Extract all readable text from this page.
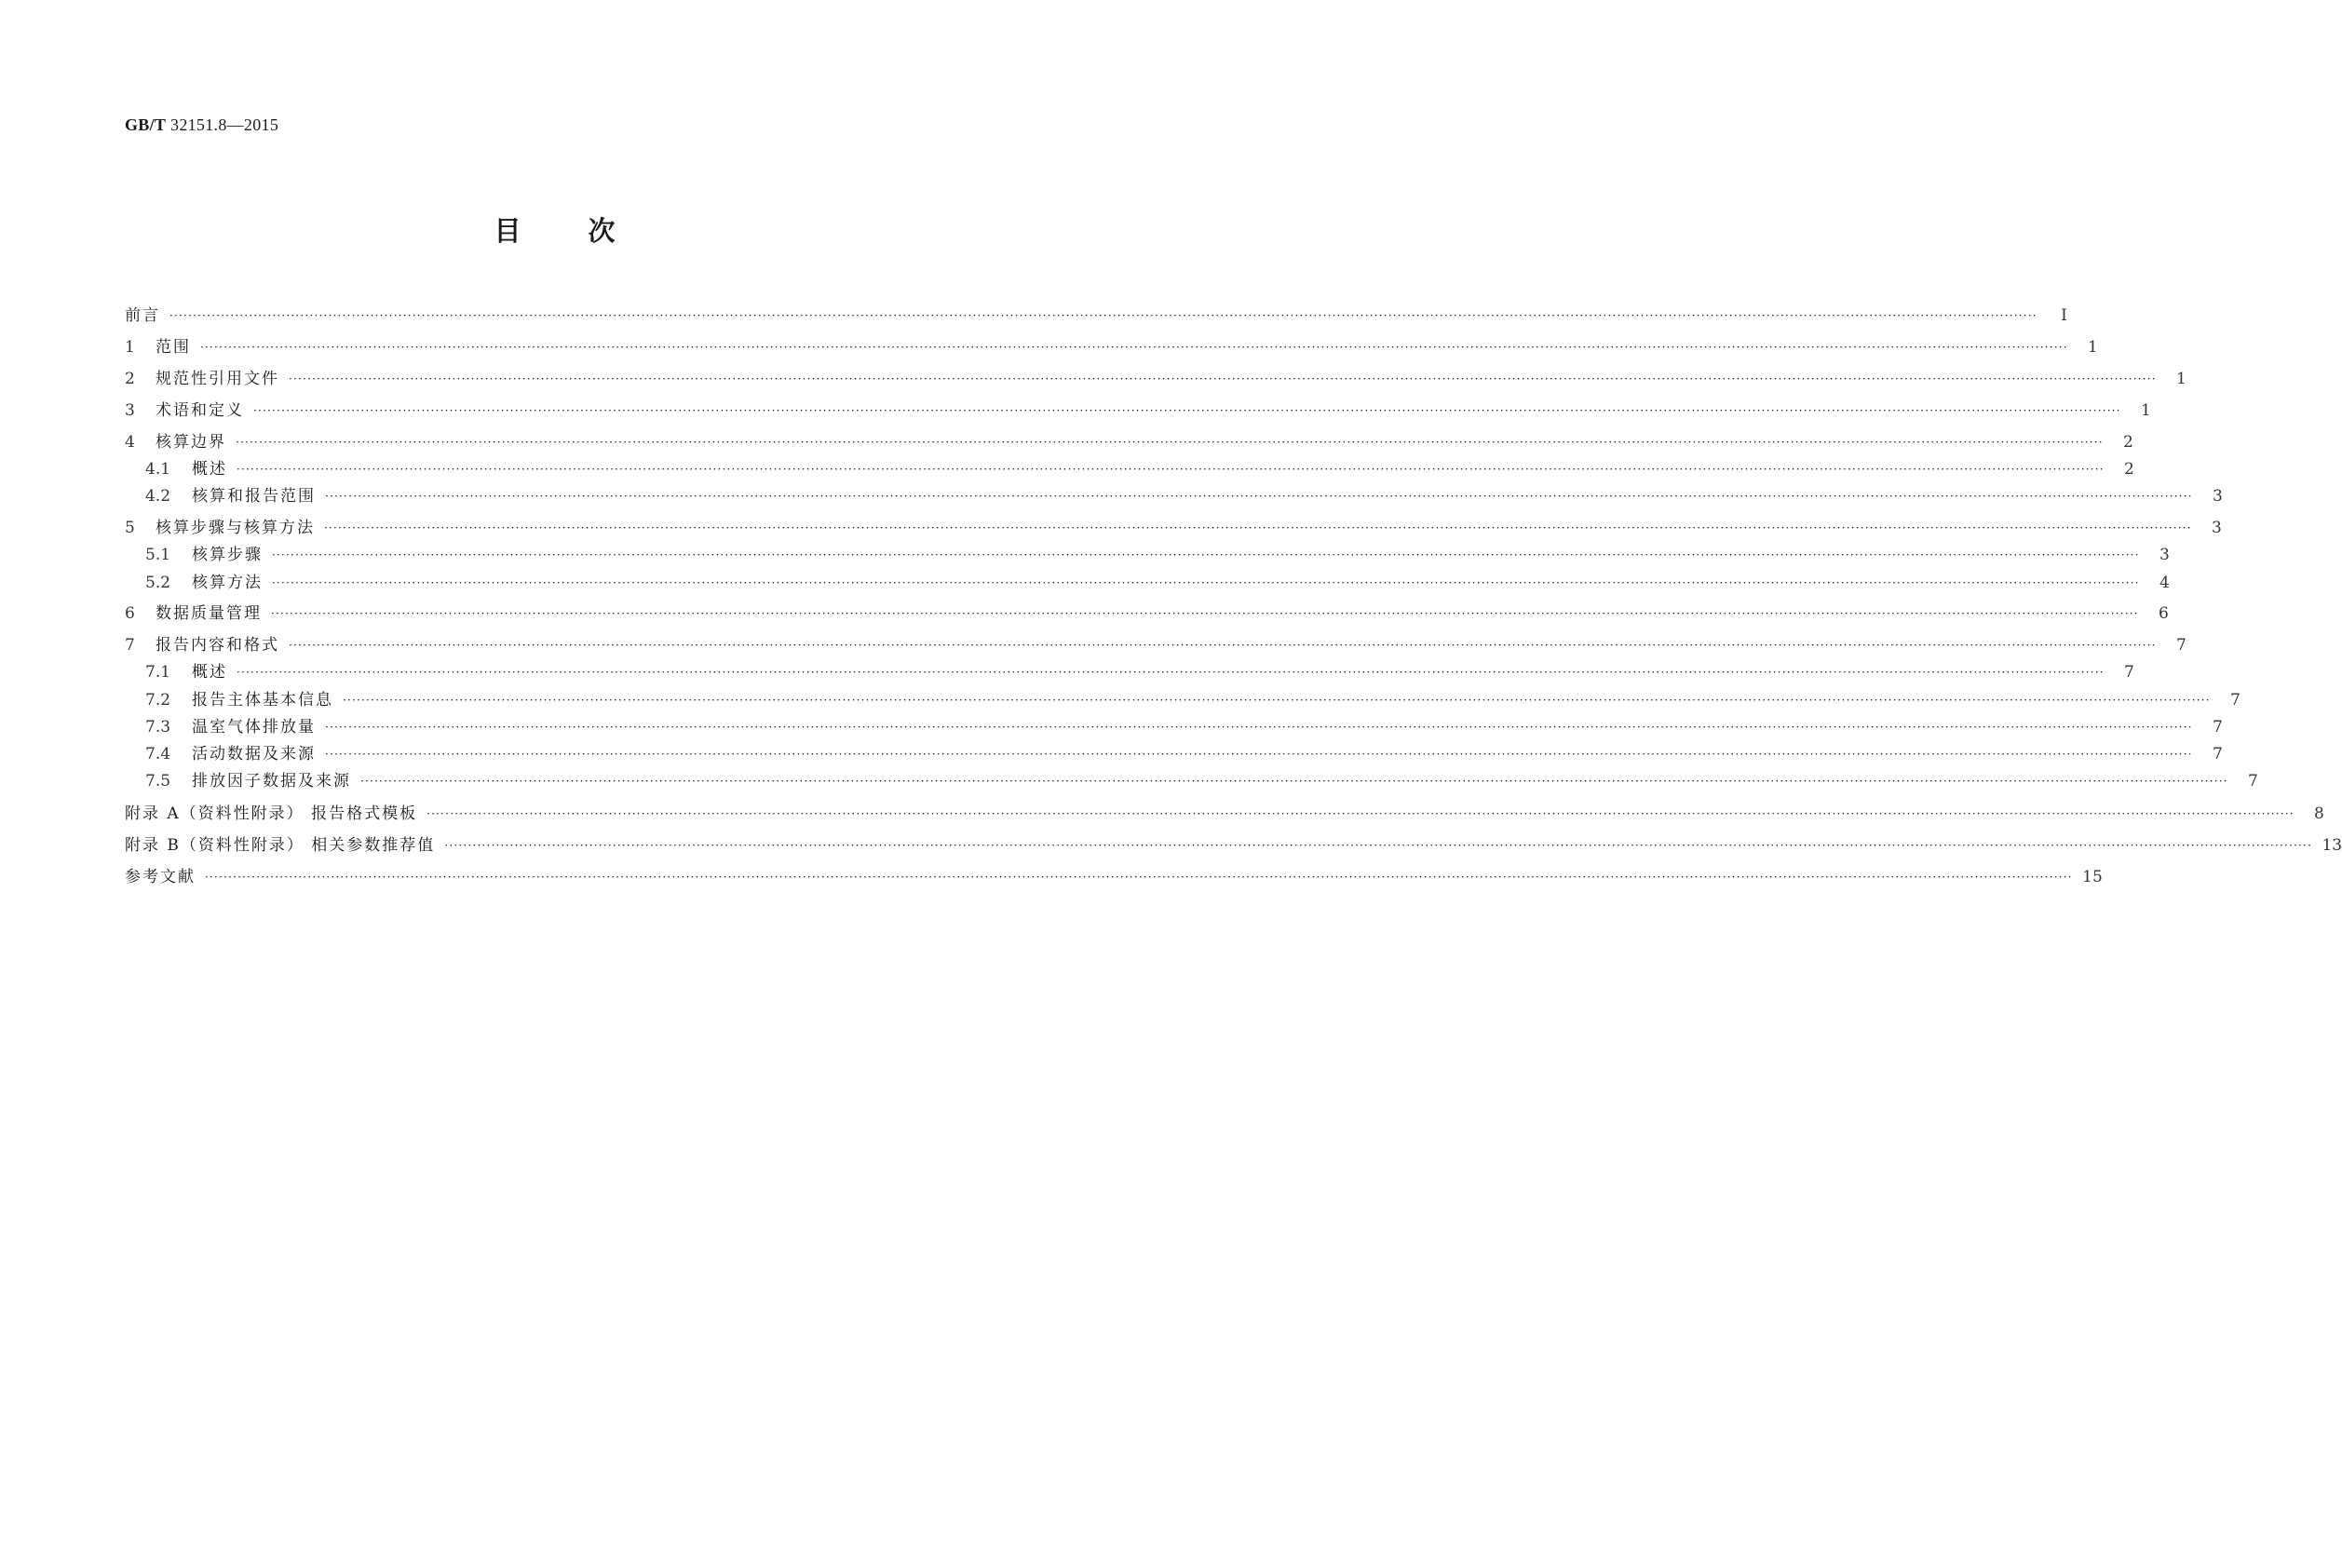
GB/T 32151.8—2015
目 次
前言 ················································································································································································································································································································································································································	Ⅰ
1	范围 ················································································································································································································································································································································································································	1
2	规范性引用文件 ················································································································································································································································································································································································································	1
3	术语和定义 ················································································································································································································································································································································································································	1
4	核算边界 ················································································································································································································································································································································································································	2
4.1	概述 ················································································································································································································································································································································································································	2
4.2	核算和报告范围 ················································································································································································································································································································································································································	3
5	核算步骤与核算方法 ················································································································································································································································································································································································································	3
5.1	核算步骤 ················································································································································································································································································································································································································	3
5.2	核算方法 ················································································································································································································································································································································································································	4
6	数据质量管理 ················································································································································································································································································································································································································	6
7	报告内容和格式 ················································································································································································································································································································································································································	7
7.1	概述 ················································································································································································································································································································································································································	7
7.2	报告主体基本信息 ················································································································································································································································································································································································································	7
7.3	温室气体排放量 ················································································································································································································································································································································································································	7
7.4	活动数据及来源 ················································································································································································································································································································································································································	7
7.5	排放因子数据及来源 ················································································································································································································································································································································································································	7
附录 A（资料性附录） 报告格式模板 ················································································································································································································································································································································································································	8
附录 B（资料性附录） 相关参数推荐值 ················································································································································································································································································································································································································ 13
参考文献 ················································································································································································································································································································································································································ 15
